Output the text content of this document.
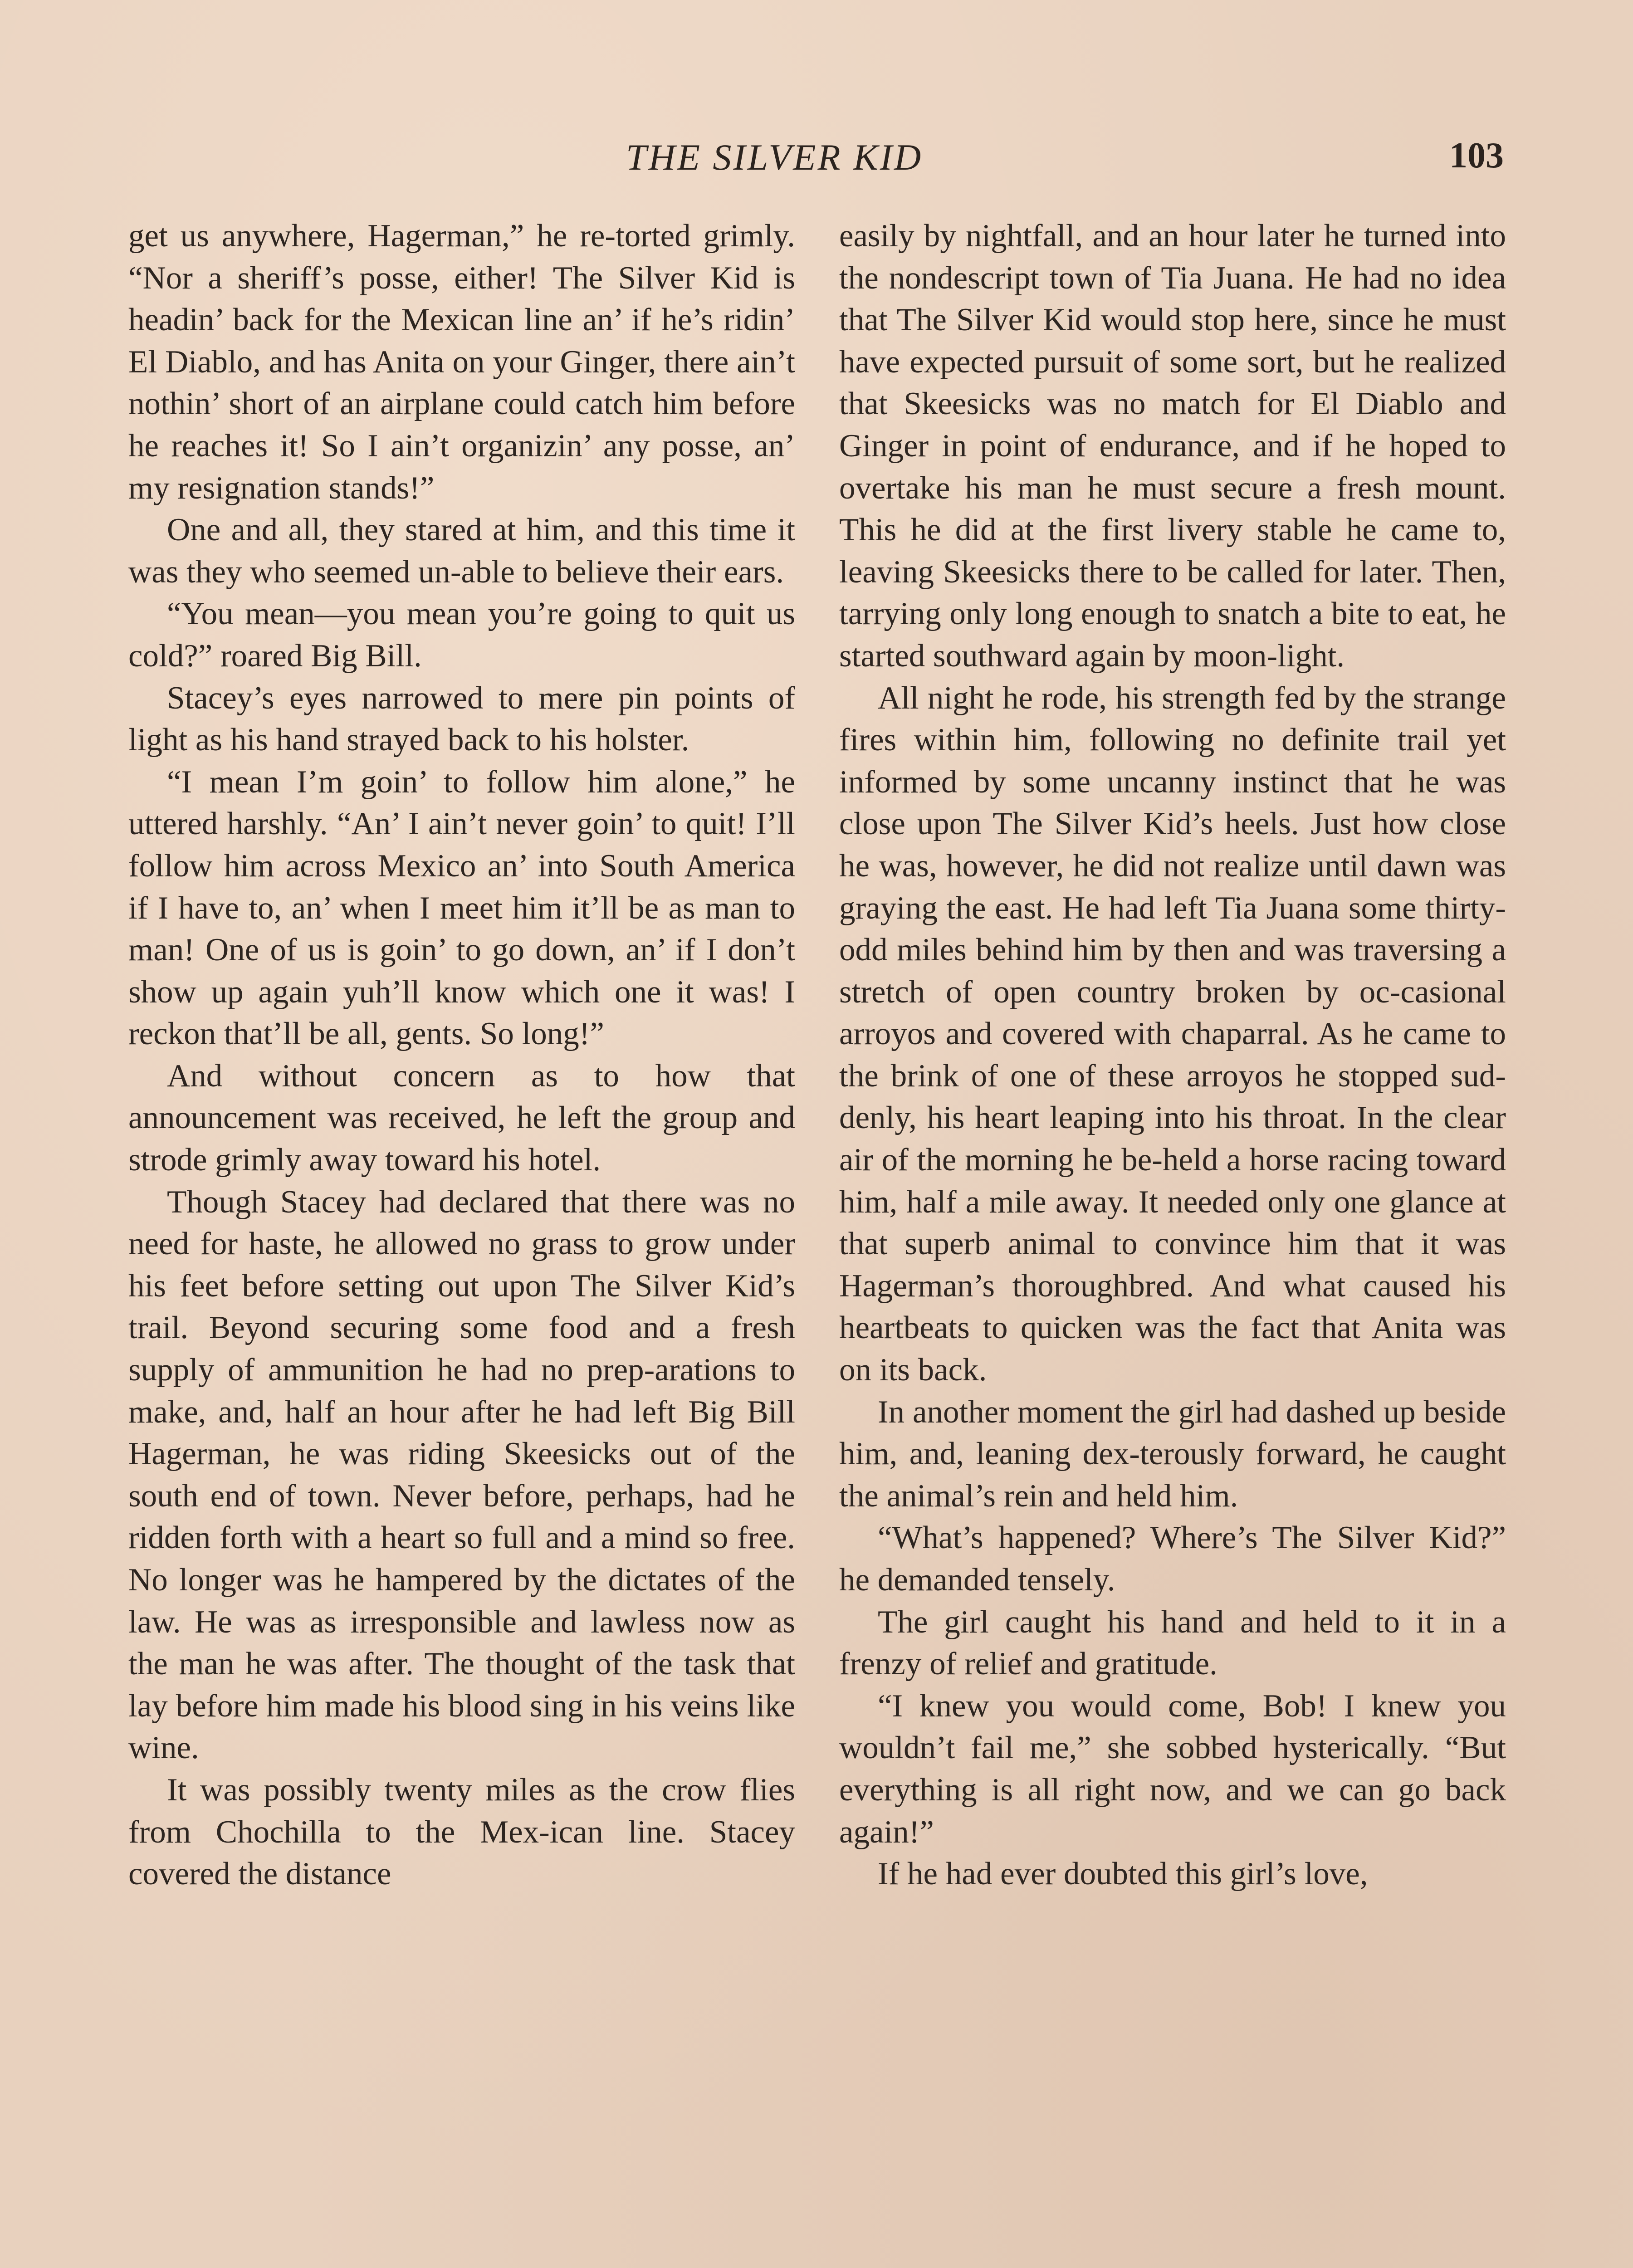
THE SILVER KID	103

get us anywhere, Hagerman,” he re-torted grimly. “Nor a sheriff’s posse, either! The Silver Kid is headin’ back for the Mexican line an’ if he’s ridin’ El Diablo, and has Anita on your Ginger, there ain’t nothin’ short of an airplane could catch him before he reaches it! So I ain’t organizin’ any posse, an’ my resignation stands!”

One and all, they stared at him, and this time it was they who seemed un-able to believe their ears.

“You mean—you mean you’re going to quit us cold?” roared Big Bill.

Stacey’s eyes narrowed to mere pin points of light as his hand strayed back to his holster.

“I mean I’m goin’ to follow him alone,” he uttered harshly. “An’ I ain’t never goin’ to quit! I’ll follow him across Mexico an’ into South America if I have to, an’ when I meet him it’ll be as man to man! One of us is goin’ to go down, an’ if I don’t show up again yuh’ll know which one it was! I reckon that’ll be all, gents. So long!”

And without concern as to how that announcement was received, he left the group and strode grimly away toward his hotel.

Though Stacey had declared that there was no need for haste, he allowed no grass to grow under his feet before setting out upon The Silver Kid’s trail. Beyond securing some food and a fresh supply of ammunition he had no prep-arations to make, and, half an hour after he had left Big Bill Hagerman, he was riding Skeesicks out of the south end of town. Never before, perhaps, had he ridden forth with a heart so full and a mind so free. No longer was he hampered by the dictates of the law. He was as irresponsible and lawless now as the man he was after. The thought of the task that lay before him made his blood sing in his veins like wine.

It was possibly twenty miles as the crow flies from Chochilla to the Mex-ican line. Stacey covered the distance

easily by nightfall, and an hour later he turned into the nondescript town of Tia Juana. He had no idea that The Silver Kid would stop here, since he must have expected pursuit of some sort, but he realized that Skeesicks was no match for El Diablo and Ginger in point of endurance, and if he hoped to overtake his man he must secure a fresh mount. This he did at the first livery stable he came to, leaving Skeesicks there to be called for later. Then, tarrying only long enough to snatch a bite to eat, he started southward again by moon-light.

All night he rode, his strength fed by the strange fires within him, following no definite trail yet informed by some uncanny instinct that he was close upon The Silver Kid’s heels. Just how close he was, however, he did not realize until dawn was graying the east. He had left Tia Juana some thirty-odd miles behind him by then and was traversing a stretch of open country broken by oc-casional arroyos and covered with chaparral. As he came to the brink of one of these arroyos he stopped sud-denly, his heart leaping into his throat. In the clear air of the morning he be-held a horse racing toward him, half a mile away. It needed only one glance at that superb animal to convince him that it was Hagerman’s thoroughbred. And what caused his heartbeats to quicken was the fact that Anita was on its back.

In another moment the girl had dashed up beside him, and, leaning dex-terously forward, he caught the animal’s rein and held him.

“What’s happened? Where’s The Silver Kid?” he demanded tensely.

The girl caught his hand and held to it in a frenzy of relief and gratitude.

“I knew you would come, Bob! I knew you wouldn’t fail me,” she sobbed hysterically. “But everything is all right now, and we can go back again!”

If he had ever doubted this girl’s love,
